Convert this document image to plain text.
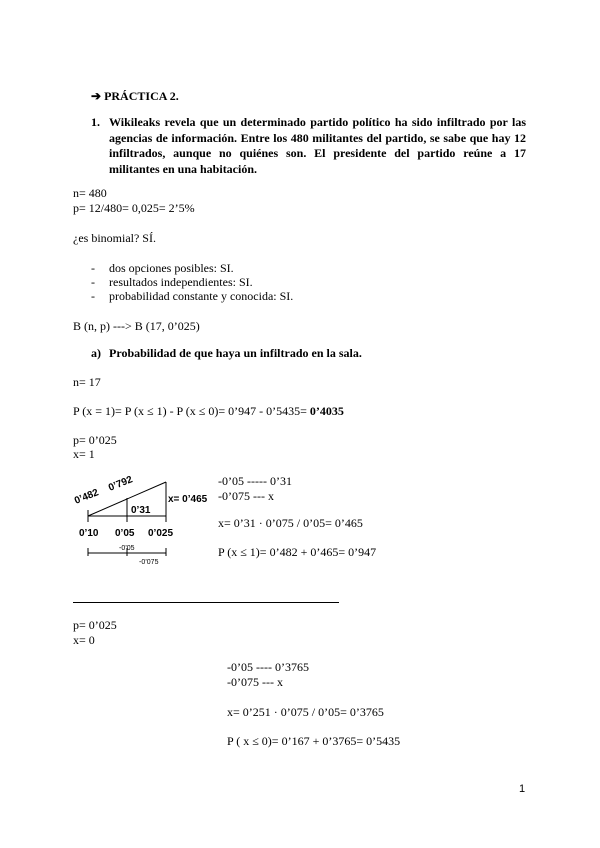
➔ PRÁCTICA 2.
1. Wikileaks revela que un determinado partido político ha sido infiltrado por las agencias de información. Entre los 480 militantes del partido, se sabe que hay 12 infiltrados, aunque no quiénes son. El presidente del partido reúne a 17 militantes en una habitación.
n= 480
p= 12/480= 0,025= 2’5%
¿es binomial? SÍ.
- dos opciones posibles: SI.
- resultados independientes: SI.
- probabilidad constante y conocida: SI.
B (n, p) ---> B (17, 0’025)
a) Probabilidad de que haya un infiltrado en la sala.
n= 17
P (x = 1)= P (x ≤ 1) - P (x ≤ 0)= 0’947 - 0’5435= 0’4035
p= 0’025
x= 1
0’482
0’792
0’31
x= 0’465
0’10 0’05 0’025
-0’05
-0’075
-0’05 ----- 0’31
-0’075 --- x
x= 0’31 · 0’075 / 0’05= 0’465
P (x ≤ 1)= 0’482 + 0’465= 0’947
p= 0’025
x= 0
-0’05 ---- 0’3765
-0’075 --- x
x= 0’251 · 0’075 / 0’05= 0’3765
P ( x ≤ 0)= 0’167 + 0’3765= 0’5435
1
